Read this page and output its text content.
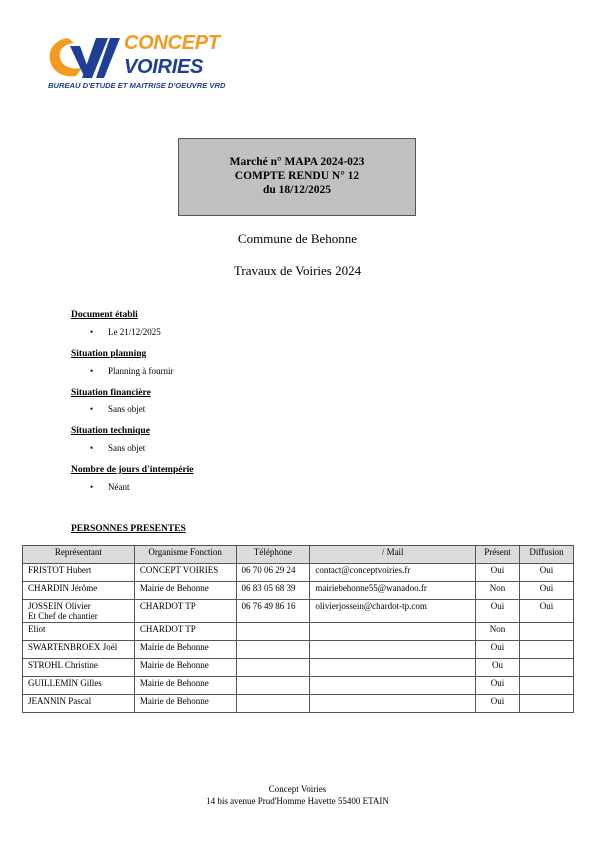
CONCEPT
VOIRIES
BUREAU D'ETUDE ET MAITRISE D'OEUVRE VRD
Marché n° MAPA 2024-023
COMPTE RENDU N° 12
du 18/12/2025
Commune de Behonne
Travaux de Voiries 2024
Document établi
• Le 21/12/2025
Situation planning
• Planning à fournir
Situation financière
• Sans objet
Situation technique
• Sans objet
Nombre de jours d'intempérie
• Néant
PERSONNES PRESENTES
Représentant	Organisme Fonction	Téléphone	/ Mail	Présent	Diffusion

FRISTOT Hubert	CONCEPT VOIRIES	06 70 06 29 24	contact@conceptvoiries.fr	Oui	Oui

CHARDIN Jérôme	Mairie de Behonne	06 83 05 68 39	mairiebehonne55@wanadoo.fr	Non	Oui

JOSSEIN Olivier
Et Chef de chantier	CHARDOT TP	06 76 49 86 16	olivierjossein@chardot-tp.com	Oui	Oui

Eliot	CHARDOT TP			Non	

SWARTENBROEX Joël	Mairie de Behonne			Oui	

STROHL Christine	Mairie de Behonne			Ou	

GUILLEMIN Gilles	Mairie de Behonne			Oui	

JEANNIN Pascal	Mairie de Behonne			Oui	

Concept Voiries
14 bis avenue Prud'Homme Havette 55400 ETAIN
